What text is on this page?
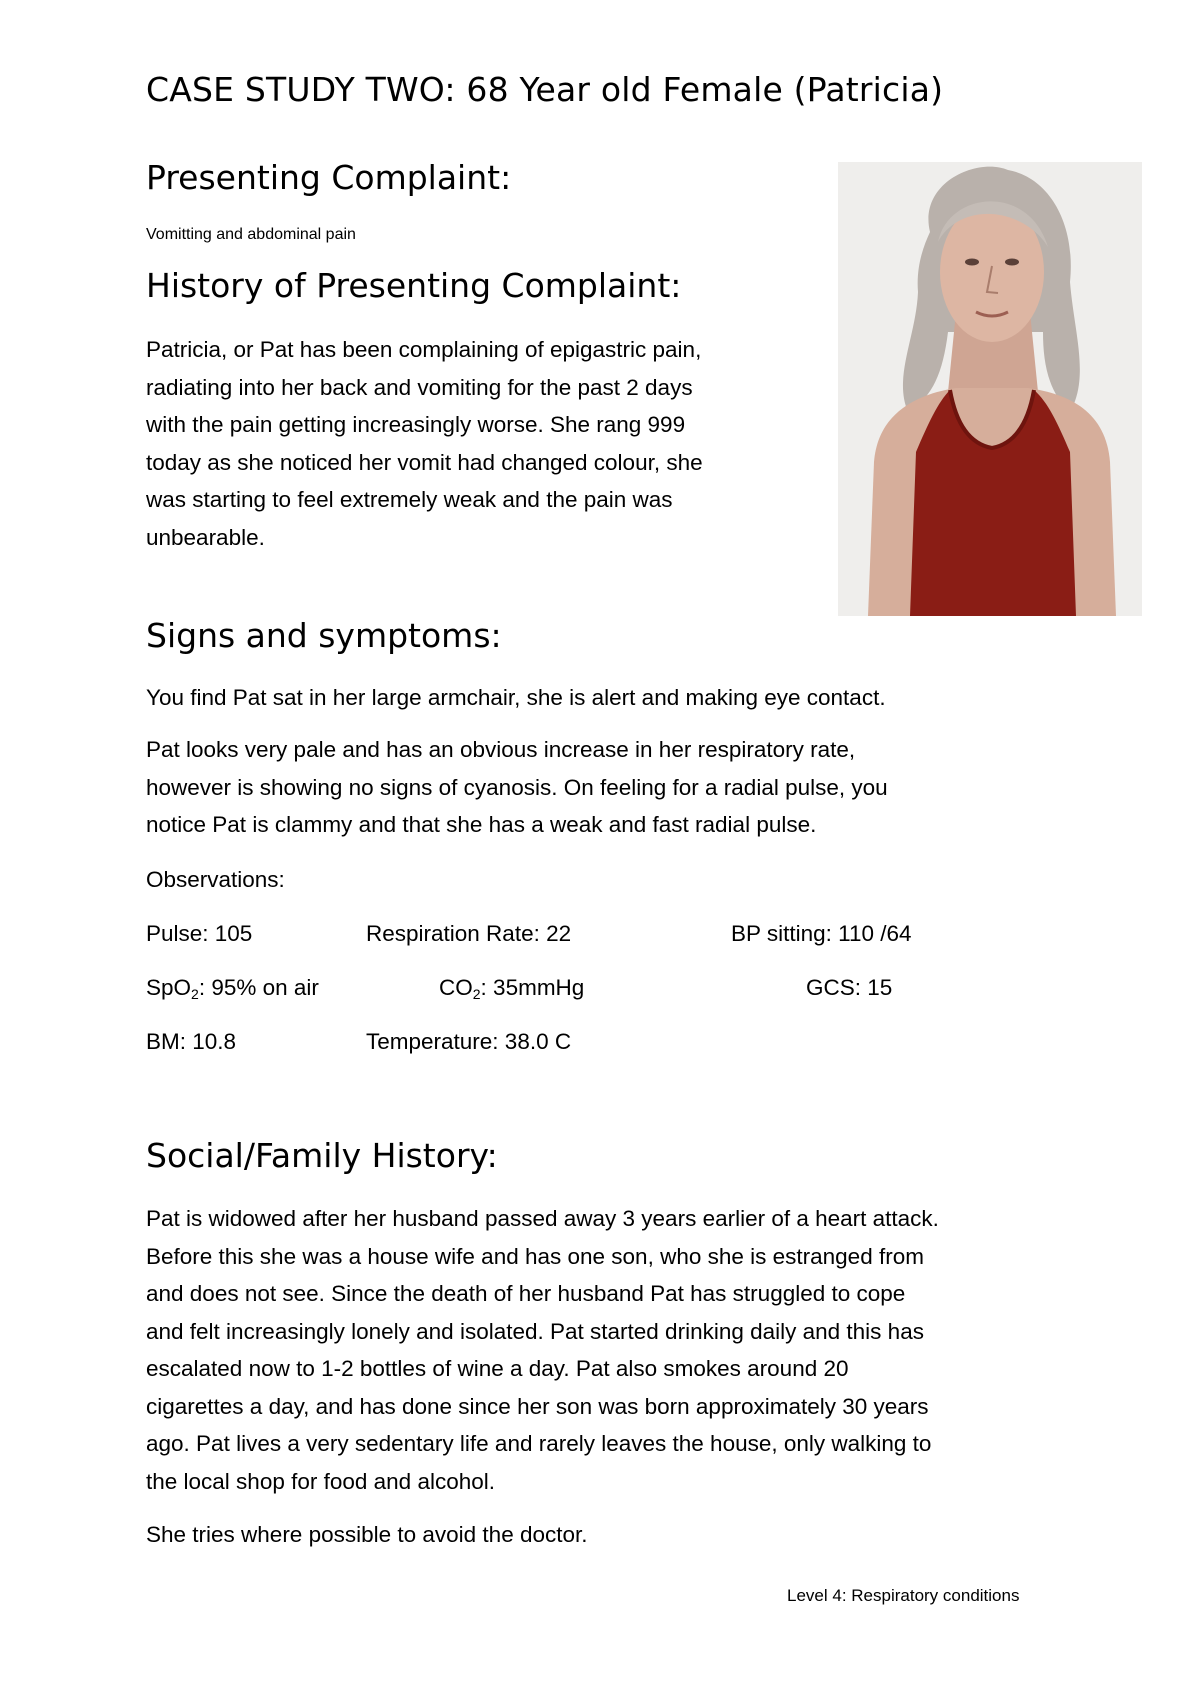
CASE STUDY TWO: 68 Year old Female (Patricia)
Presenting Complaint:

Vomitting and abdominal pain

History of Presenting Complaint:
Patricia, or Pat has been complaining of epigastric pain,
radiating into her back and vomiting for the past 2 days
with the pain getting increasingly worse. She rang 999
today as she noticed her vomit had changed colour, she
was starting to feel extremely weak and the pain was
unbearable.
Signs and symptoms:

You find Pat sat in her large armchair, she is alert and making eye contact.

Pat looks very pale and has an obvious increase in her respiratory rate,
however is showing no signs of cyanosis. On feeling for a radial pulse, you
notice Pat is clammy and that she has a weak and fast radial pulse.

Observations:

Pulse: 105	Respiration Rate: 22	BP sitting: 110 /64

SpO$_2$: 95% on air	$CO_2$: 35mmHg	GCS: 15

BM: 10.8	Temperature: 38.0 C

Social/Family History:
Pat is widowed after her husband passed away 3 years earlier of a heart attack.
Before this she was a house wife and has one son, who she is estranged from
and does not see. Since the death of her husband Pat has struggled to cope
and felt increasingly lonely and isolated. Pat started drinking daily and this has
escalated now to 1-2 bottles of wine a day. Pat also smokes around 20
cigarettes a day, and has done since her son was born approximately 30 years
ago. Pat lives a very sedentary life and rarely leaves the house, only walking to
the local shop for food and alcohol.

She tries where possible to avoid the doctor.

Level 4: Respiratory conditions
